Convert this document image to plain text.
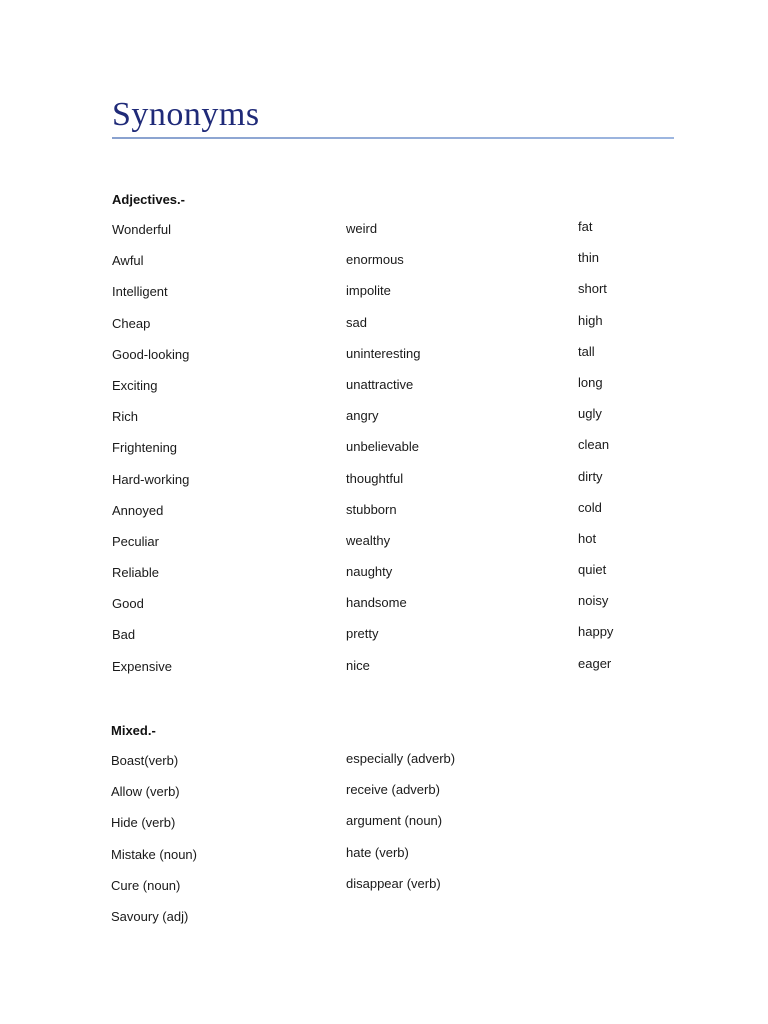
Synonyms
Adjectives.-
Wonderful
Awful
Intelligent
Cheap
Good-looking
Exciting
Rich
Frightening
Hard-working
Annoyed
Peculiar
Reliable
Good
Bad
Expensive
weird
enormous
impolite
sad
uninteresting
unattractive
angry
unbelievable
thoughtful
stubborn
wealthy
naughty
handsome
pretty
nice
fat
thin
short
high
tall
long
ugly
clean
dirty
cold
hot
quiet
noisy
happy
eager
Mixed.-
Boast(verb)
Allow (verb)
Hide (verb)
Mistake (noun)
Cure (noun)
Savoury (adj)
especially (adverb)
receive (adverb)
argument (noun)
hate (verb)
disappear (verb)
